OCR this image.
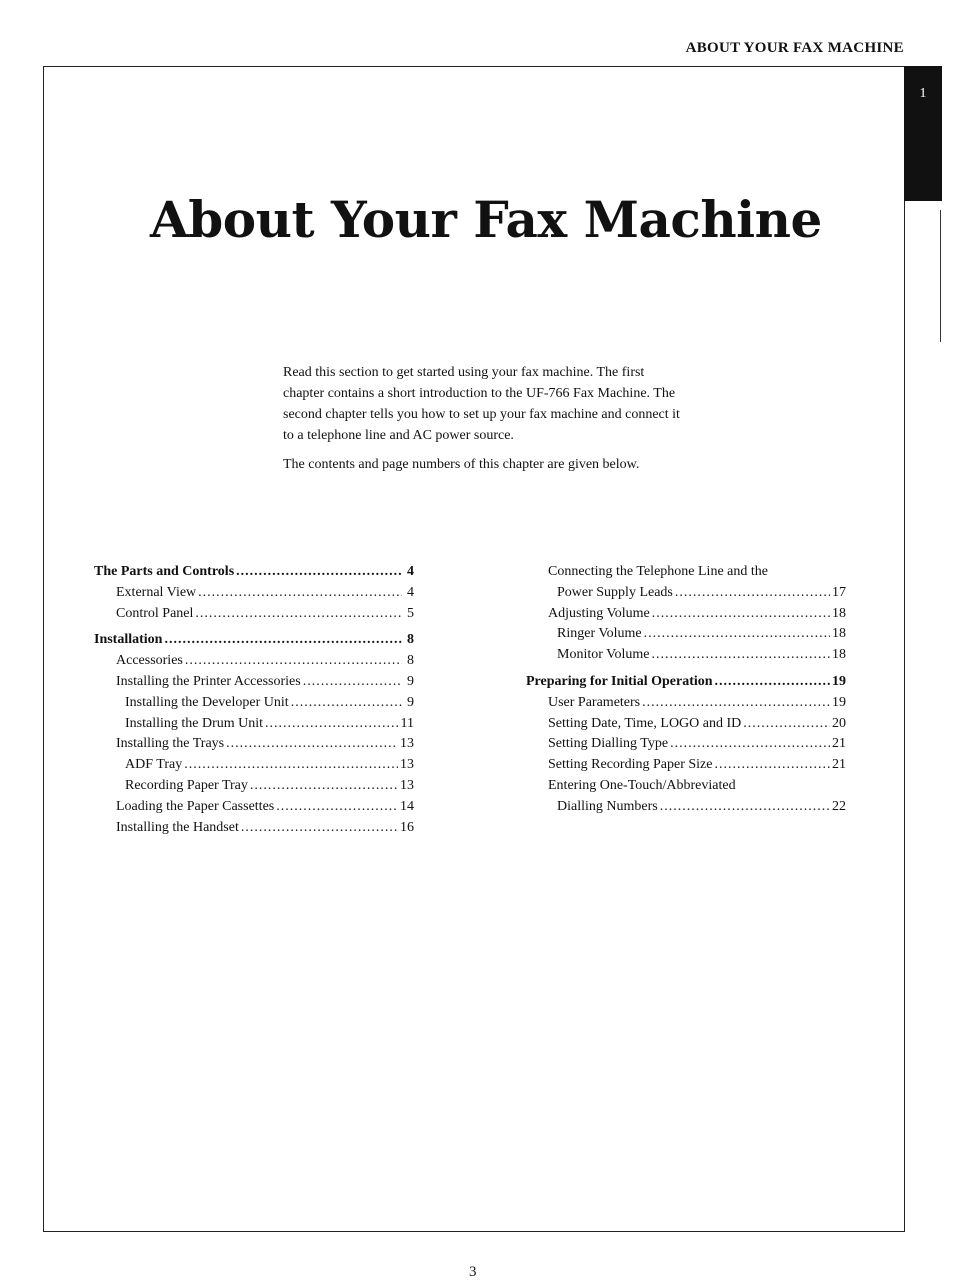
ABOUT YOUR FAX MACHINE
1
About Your Fax Machine

Read this section to get started using your fax machine. The first chapter contains a short introduction to the UF-766 Fax Machine. The second chapter tells you how to set up your fax machine and connect it to a telephone line and AC power source.

The contents and page numbers of this chapter are given below.

The Parts and Controls .....	4
External View .....	4
Control Panel .....	5
Installation .....	8
Accessories .....	8
Installing the Printer Accessories .....	9
Installing the Developer Unit .....	9
Installing the Drum Unit .....	11
Installing the Trays .....	13
ADF Tray .....	13
Recording Paper Tray .....	13
Loading the Paper Cassettes .....	14
Installing the Handset .....	16
Connecting the Telephone Line and the
Power Supply Leads .....	17
Adjusting Volume .....	18
Ringer Volume .....	18
Monitor Volume .....	18
Preparing for Initial Operation .....	19
User Parameters .....	19
Setting Date, Time, LOGO and ID .....	20
Setting Dialling Type .....	21
Setting Recording Paper Size .....	21
Entering One-Touch/Abbreviated
Dialling Numbers .....	22
3
